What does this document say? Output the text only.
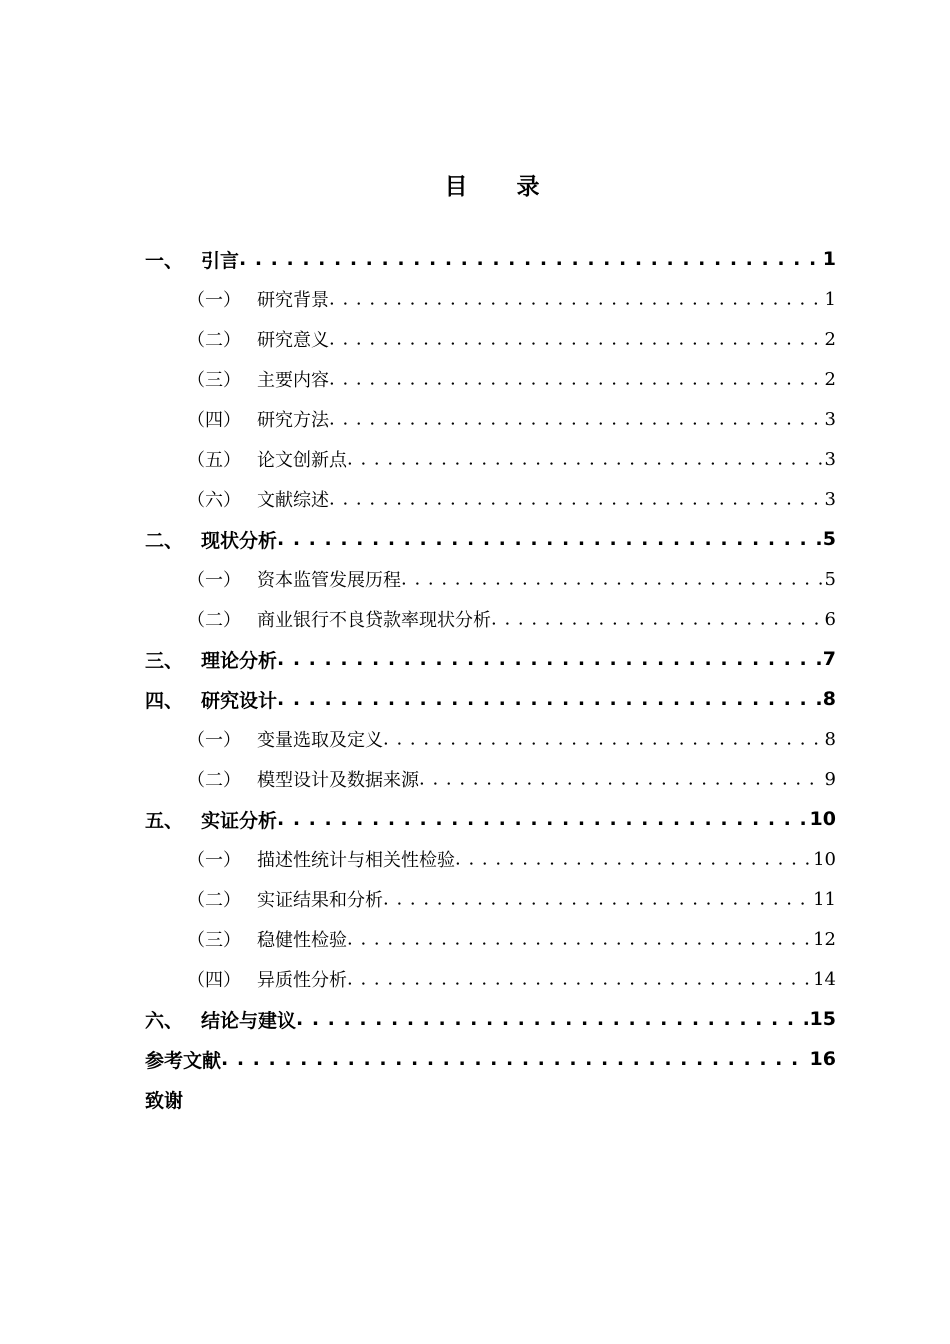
目　　录
一、 引言 . . .	1
（一） 研究背景 . . .	1
（二） 研究意义 . . .	2
（三） 主要内容 . . .	2
（四） 研究方法 . . .	3
（五） 论文创新点 . . .	3
（六） 文献综述 . . .	3
二、 现状分析 . . .	5
（一） 资本监管发展历程 . . .	5
（二） 商业银行不良贷款率现状分析 . . .	6
三、 理论分析 . . .	7
四、 研究设计 . . .	8
（一） 变量选取及定义 . . .	8
（二） 模型设计及数据来源 . . .	9
五、 实证分析 . . .	10
（一） 描述性统计与相关性检验 . . .	10
（二） 实证结果和分析 . . .	11
（三） 稳健性检验 . . .	12
（四） 异质性分析 . . .	14
六、 结论与建议 . . .	15
参考文献 . . .	16
致谢
